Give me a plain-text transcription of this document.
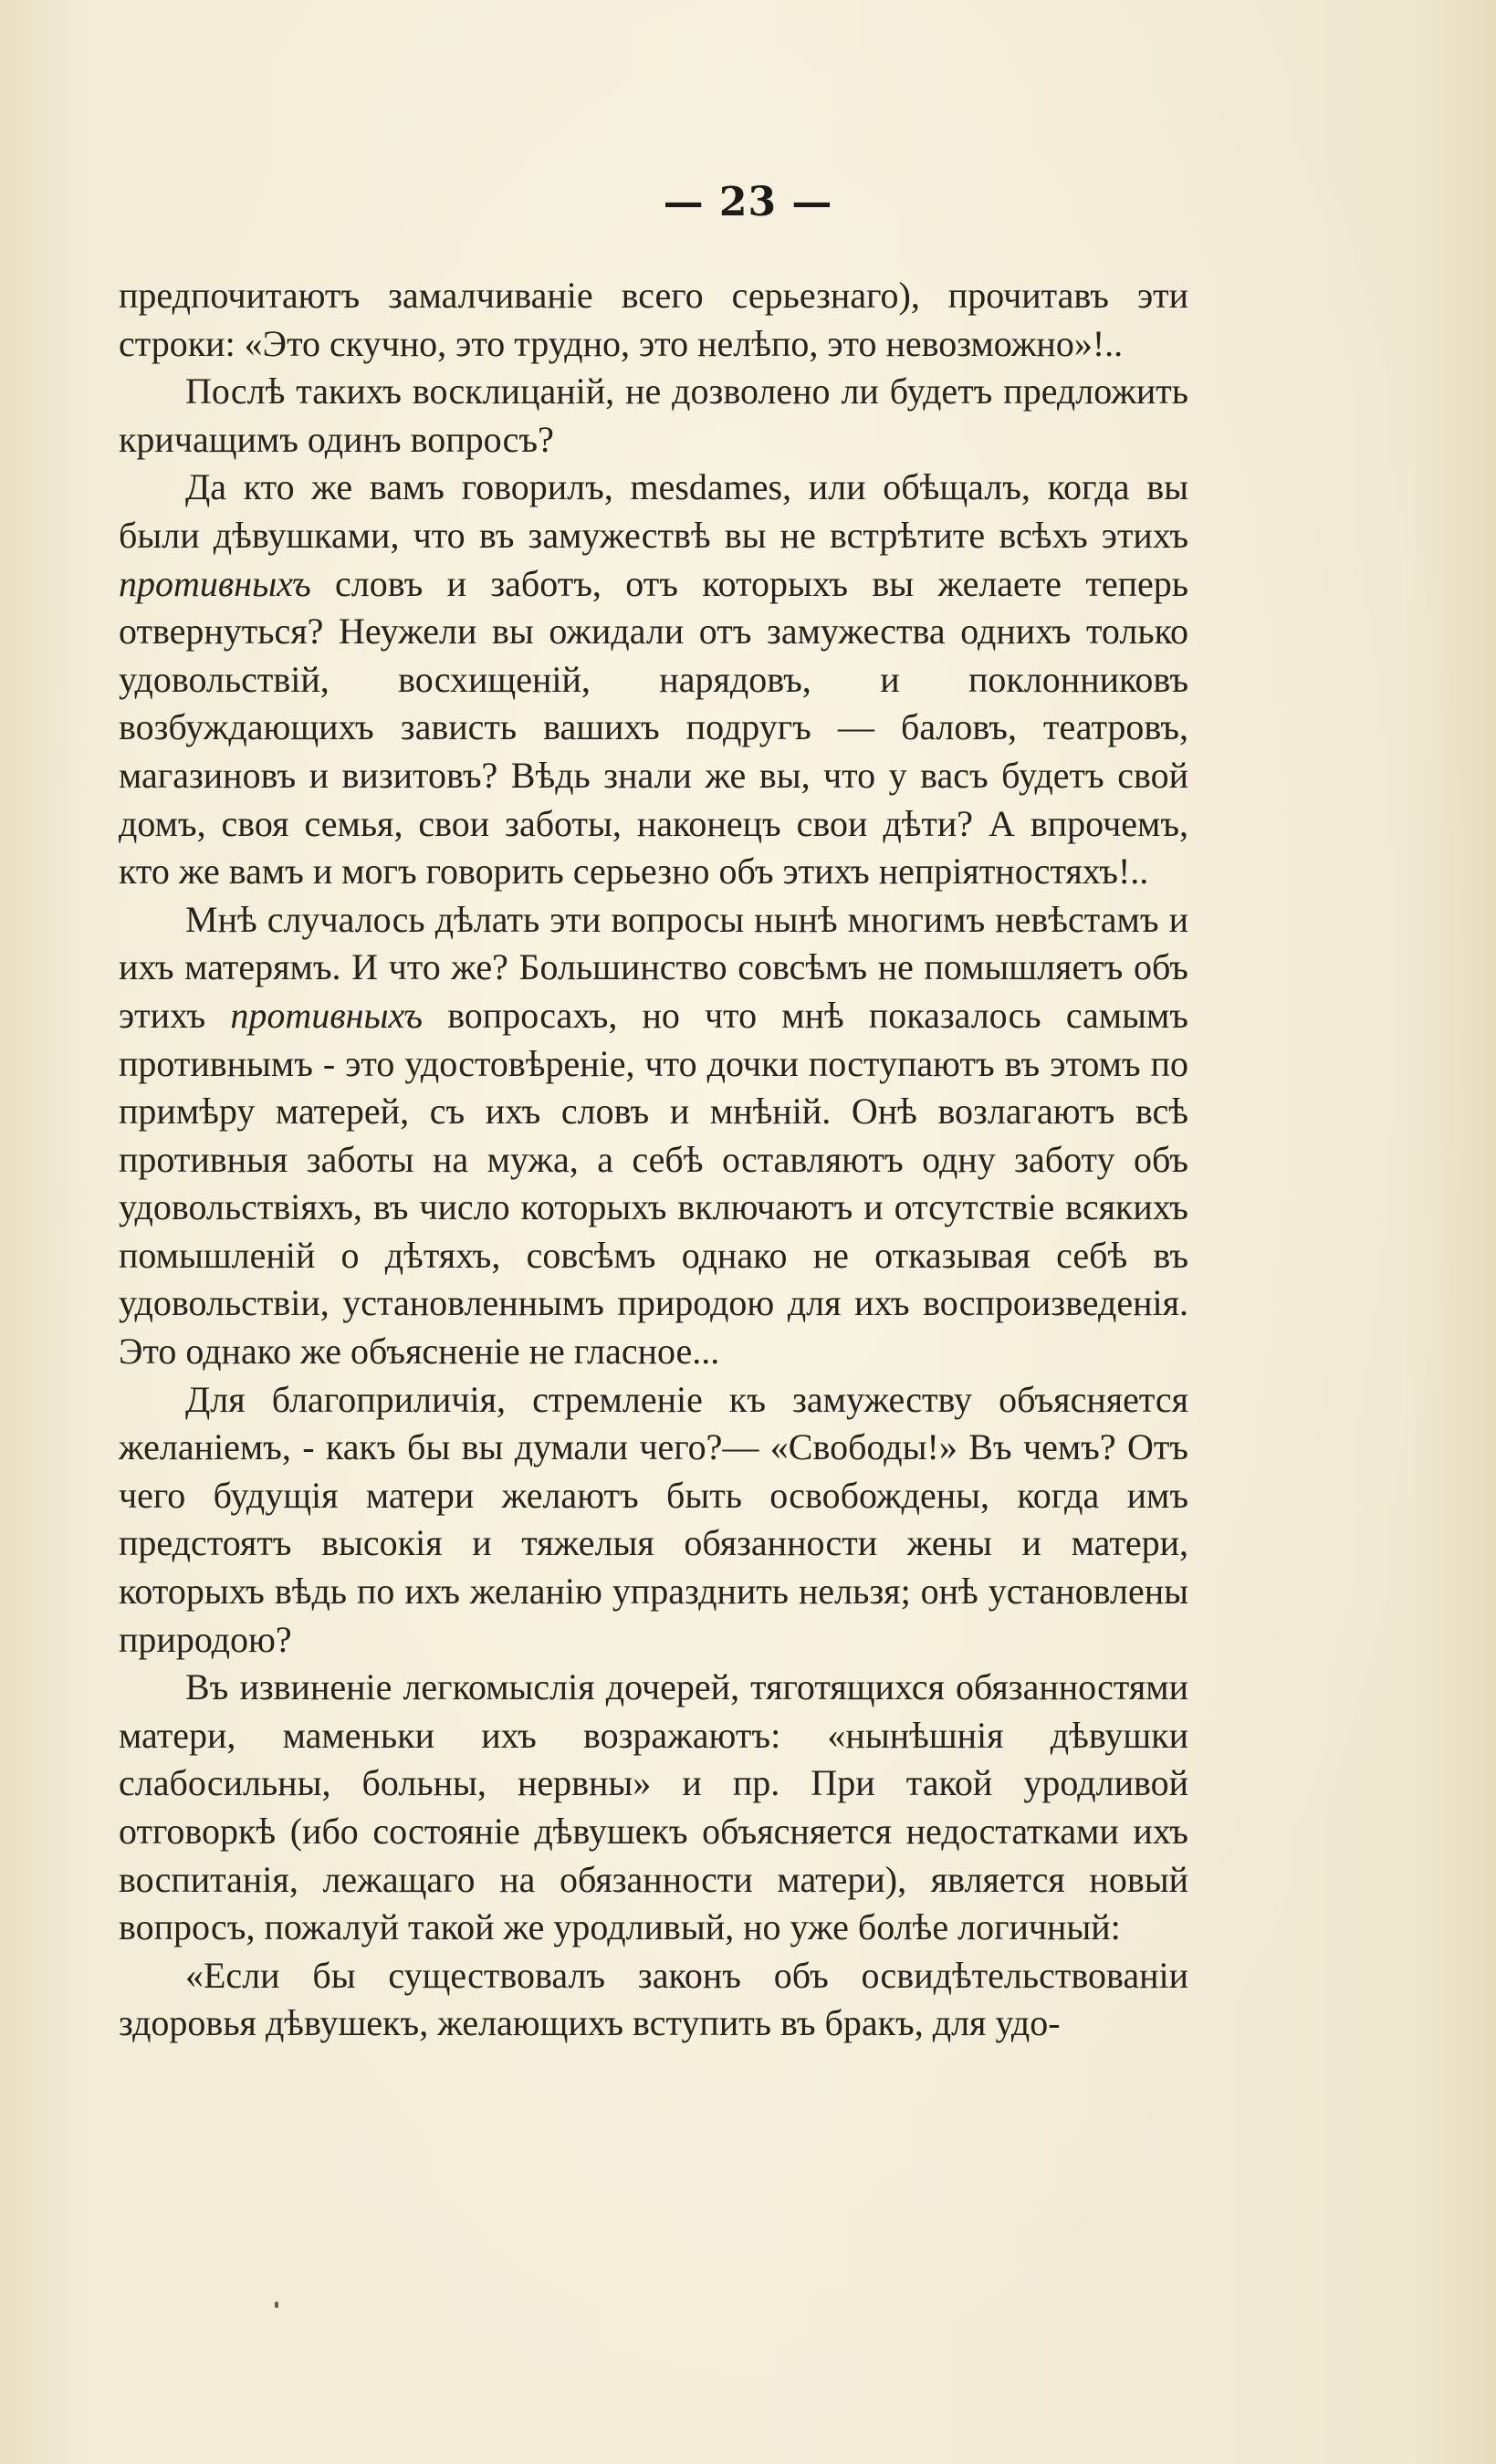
— 23 —

предпочитаютъ замалчиваніе всего серьезнаго), прочитавъ эти строки: «Это скучно, это трудно, это нелѣпо, это невозможно»!..

Послѣ такихъ восклицаній, не дозволено ли будетъ предложить кричащимъ одинъ вопросъ?

Да кто же вамъ говорилъ, mesdames, или обѣщалъ, когда вы были дѣвушками, что въ замужествѣ вы не встрѣтите всѣхъ этихъ противныхъ словъ и заботъ, отъ которыхъ вы желаете теперь отвернуться? Неужели вы ожидали отъ замужества однихъ только удовольствій, восхищеній, нарядовъ, и поклонниковъ возбуждающихъ зависть вашихъ подругъ — баловъ, театровъ, магазиновъ и визитовъ? Вѣдь знали же вы, что у васъ будетъ свой домъ, своя семья, свои заботы, наконецъ свои дѣти? А впрочемъ, кто же вамъ и могъ говорить серьезно объ этихъ непріятностяхъ!..

Мнѣ случалось дѣлать эти вопросы нынѣ многимъ невѣстамъ и ихъ матерямъ. И что же? Большинство совсѣмъ не помышляетъ объ этихъ противныхъ вопросахъ, но что мнѣ показалось самымъ противнымъ - это удостовѣреніе, что дочки поступаютъ въ этомъ по примѣру матерей, съ ихъ словъ и мнѣній. Онѣ возлагаютъ всѣ противныя заботы на мужа, а себѣ оставляютъ одну заботу объ удовольствіяхъ, въ число которыхъ включаютъ и отсутствіе всякихъ помышленій о дѣтяхъ, совсѣмъ однако не отказывая себѣ въ удовольствіи, установленнымъ природою для ихъ воспроизведенія. Это однако же объясненіе не гласное...

Для благоприличія, стремленіе къ замужеству объясняется желаніемъ, - какъ бы вы думали чего?— «Свободы!» Въ чемъ? Отъ чего будущія матери желаютъ быть освобождены, когда имъ предстоятъ высокія и тяжелыя обязанности жены и матери, которыхъ вѣдь по ихъ желанію упразднить нельзя; онѣ установлены природою?

Въ извиненіе легкомыслія дочерей, тяготящихся обязанностями матери, маменьки ихъ возражаютъ: «нынѣшнія дѣвушки слабосильны, больны, нервны» и пр. При такой уродливой отговоркѣ (ибо состояніе дѣвушекъ объясняется недостатками ихъ воспитанія, лежащаго на обязанности матери), является новый вопросъ, пожалуй такой же уродливый, но уже болѣе логичный:

«Если бы существовалъ законъ объ освидѣтельствованіи здоровья дѣвушекъ, желающихъ вступить въ бракъ, для удо-
